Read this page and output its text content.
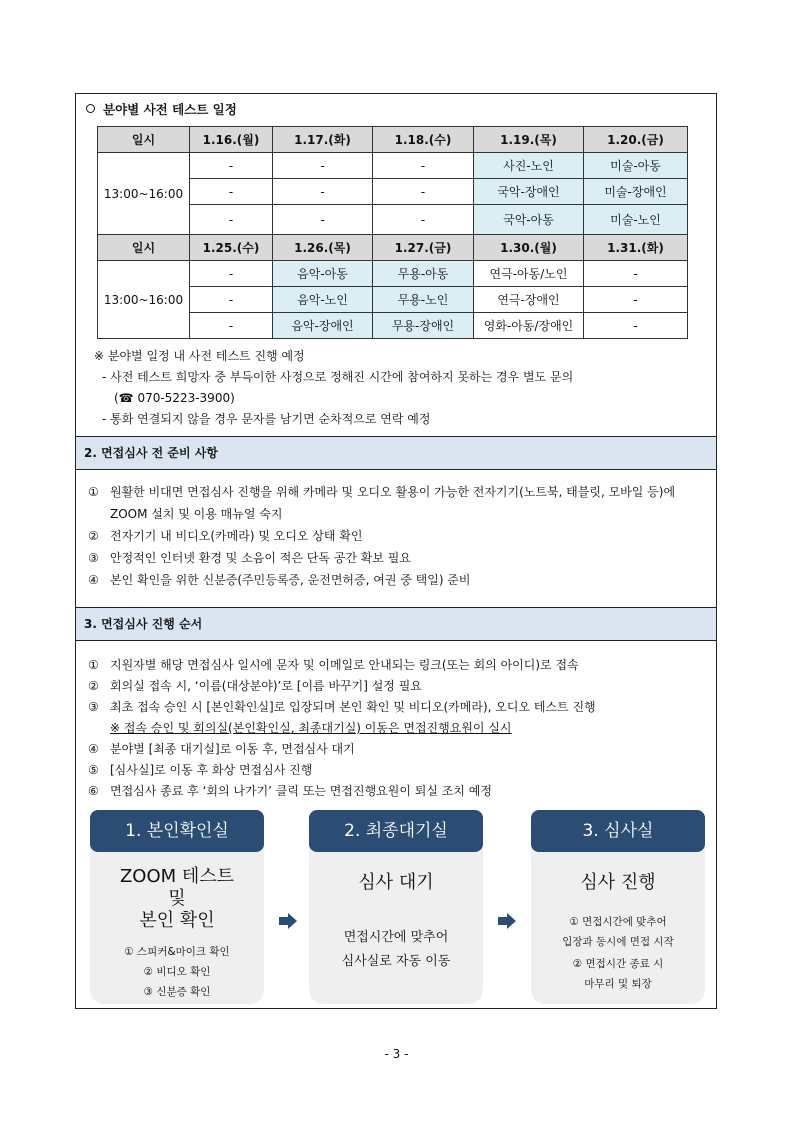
분야별 사전 테스트 일정
일시	1.16.(월)	1.17.(화)	1.18.(수)	1.19.(목)	1.20.(금)
13:00~16:00	-	-	-	사진-노인	미술-아동
	-	-	-	국악-장애인	미술-장애인
	-	-	-	국악-아동	미술-노인
일시	1.25.(수)	1.26.(목)	1.27.(금)	1.30.(월)	1.31.(화)
13:00~16:00	-	음악-아동	무용-아동	연극-아동/노인	-
	-	음악-노인	무용-노인	연극-장애인	-
	-	음악-장애인	무용-장애인	영화-아동/장애인	-
※ 분야별 일정 내 사전 테스트 진행 예정
- 사전 테스트 희망자 중 부득이한 사정으로 정해진 시간에 참여하지 못하는 경우 별도 문의
(☎ 070-5223-3900)
- 통화 연결되지 않을 경우 문자를 남기면 순차적으로 연락 예정
2. 면접심사 전 준비 사항
① 원활한 비대면 면접심사 진행을 위해 카메라 및 오디오 활용이 가능한 전자기기(노트북, 태블릿, 모바일 등)에 ZOOM 설치 및 이용 매뉴얼 숙지
② 전자기기 내 비디오(카메라) 및 오디오 상태 확인
③ 안정적인 인터넷 환경 및 소음이 적은 단독 공간 확보 필요
④ 본인 확인을 위한 신분증(주민등록증, 운전면허증, 여권 중 택일) 준비
3. 면접심사 진행 순서
① 지원자별 해당 면접심사 일시에 문자 및 이메일로 안내되는 링크(또는 회의 아이디)로 접속
② 회의실 접속 시, ‘이름(대상분야)’로 [이름 바꾸기] 설정 필요
③ 최초 접속 승인 시 [본인확인실]로 입장되며 본인 확인 및 비디오(카메라), 오디오 테스트 진행
※ 접속 승인 및 회의실(본인확인실, 최종대기실) 이동은 면접진행요원이 실시
④ 분야별 [최종 대기실]로 이동 후, 면접심사 대기
⑤ [심사실]로 이동 후 화상 면접심사 진행
⑥ 면접심사 종료 후 ‘회의 나가기’ 클릭 또는 면접진행요원이 퇴실 조치 예정
1. 본인확인실
ZOOM 테스트
및
본인 확인
① 스피커&마이크 확인
② 비디오 확인
③ 신분증 확인
2. 최종대기실
심사 대기
면접시간에 맞추어
심사실로 자동 이동
3. 심사실
심사 진행
① 면접시간에 맞추어
입장과 동시에 면접 시작
② 면접시간 종료 시
마무리 및 퇴장
- 3 -
